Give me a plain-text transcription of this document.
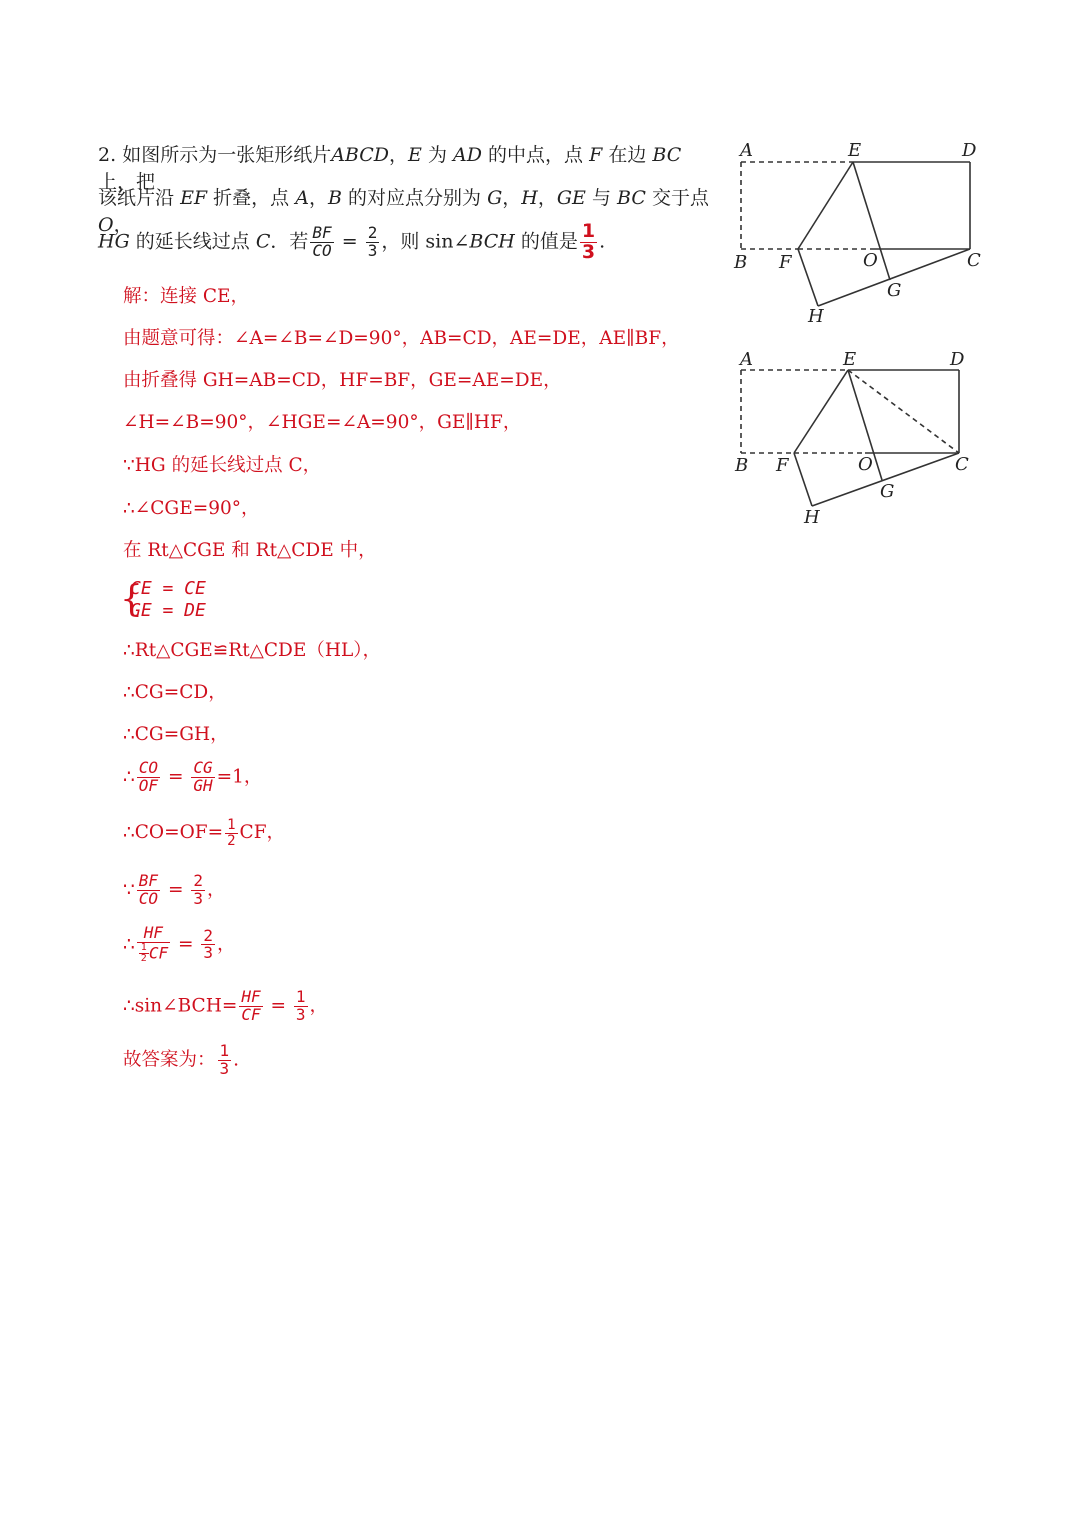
2. 如图所示为一张矩形纸片ABCD，E 为 AD 的中点，点 F 在边 BC 上，把
该纸片沿 EF 折叠，点 A，B 的对应点分别为 G，H，GE 与 BC 交于点 O，
HG 的延长线过点 C．若 $\frac{BF}{CO} = \frac{2}{3}$ ，则 sin∠BCH 的值是 $\frac{1}{3}$ .
解：连接 CE，
由题意可得：∠A=∠B=∠D=90°，AB=CD，AE=DE，AE∥BF，
由折叠得 GH=AB=CD，HF=BF，GE=AE=DE，
∠H=∠B=90°，∠HGE=∠A=90°，GE∥HF，
∵HG 的延长线过点 C，
∴∠CGE=90°，
在 Rt△CGE 和 Rt△CDE 中，
{
CE = CE
GE = DE
∴Rt△CGE≌Rt△CDE（HL），
∴CG=CD，
∴CG=GH，
∴ $\frac{CO}{OF} = \frac{CG}{GH} =1$，
∴CO=OF= $\frac{1}{2}$ CF，
∵ $\frac{BF}{CO} = \frac{2}{3}$ ，
∴ $\frac{HF}{\frac{1}{2} CF} = \frac{2}{3}$ ，
∴sin∠BCH= $\frac{HF}{CF} = \frac{1}{3}$ ，
故答案为： $\frac{1}{3}$ .
A	E	D
B F	O	C
G
H
A	E	D
B F	O	C
G
H
